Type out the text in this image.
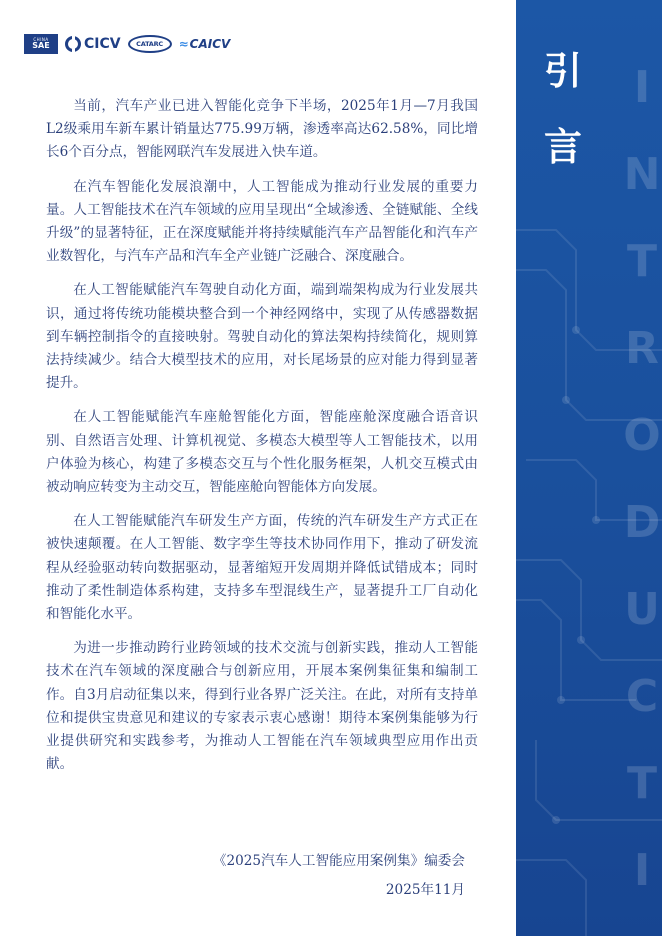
CHINA
SAE CICV CATARC ≈ CAICV

当前，汽车产业已进入智能化竞争下半场，2025年1月—7月我国L2级乘用车新车累计销量达775.99万辆，渗透率高达62.58%，同比增长6个百分点，智能网联汽车发展进入快车道。

在汽车智能化发展浪潮中，人工智能成为推动行业发展的重要力量。人工智能技术在汽车领域的应用呈现出“全域渗透、全链赋能、全线升级”的显著特征，正在深度赋能并将持续赋能汽车产品智能化和汽车产业数智化，与汽车产品和汽车全产业链广泛融合、深度融合。

在人工智能赋能汽车驾驶自动化方面，端到端架构成为行业发展共识，通过将传统功能模块整合到一个神经网络中，实现了从传感器数据到车辆控制指令的直接映射。驾驶自动化的算法架构持续简化，规则算法持续减少。结合大模型技术的应用，对长尾场景的应对能力得到显著提升。

在人工智能赋能汽车座舱智能化方面，智能座舱深度融合语音识别、自然语言处理、计算机视觉、多模态大模型等人工智能技术，以用户体验为核心，构建了多模态交互与个性化服务框架，人机交互模式由被动响应转变为主动交互，智能座舱向智能体方向发展。

在人工智能赋能汽车研发生产方面，传统的汽车研发生产方式正在被快速颠覆。在人工智能、数字孪生等技术协同作用下，推动了研发流程从经验驱动转向数据驱动，显著缩短开发周期并降低试错成本；同时推动了柔性制造体系构建，支持多车型混线生产，显著提升工厂自动化和智能化水平。

为进一步推动跨行业跨领域的技术交流与创新实践，推动人工智能技术在汽车领域的深度融合与创新应用，开展本案例集征集和编制工作。自3月启动征集以来，得到行业各界广泛关注。在此，对所有支持单位和提供宝贵意见和建议的专家表示衷心感谢！期待本案例集能够为行业提供研究和实践参考，为推动人工智能在汽车领域典型应用作出贡献。

《2025汽车人工智能应用案例集》编委会
2025年11月
I
N
T
R
O
D
U
C
T
I
引
言
